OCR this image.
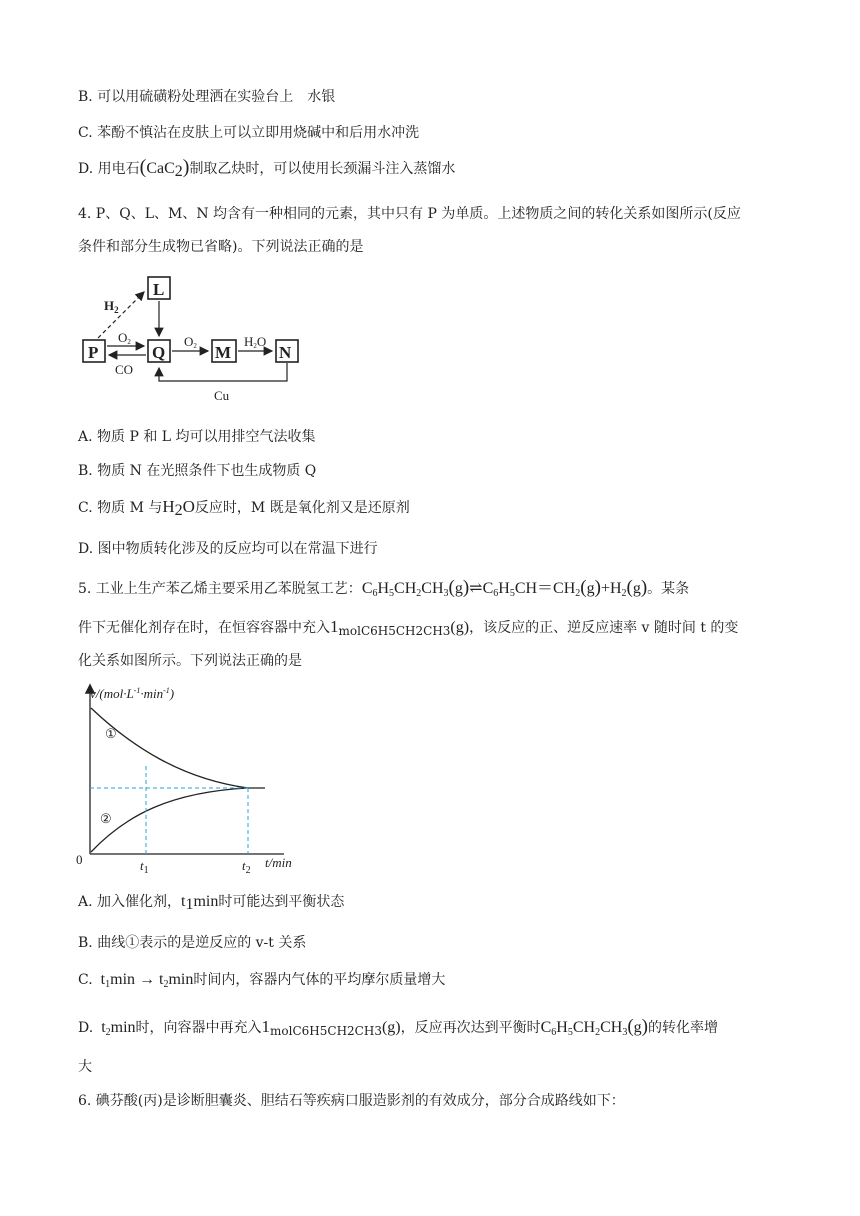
B. 可以用硫磺粉处理洒在实验台上　水银
C. 苯酚不慎沾在皮肤上可以立即用烧碱中和后用水冲洗
D. 用电石(CaC2)制取乙炔时，可以使用长颈漏斗注入蒸馏水
4. P、Q、L、M、N 均含有一种相同的元素，其中只有 P 为单质。上述物质之间的转化关系如图所示(反应
条件和部分生成物已省略)。下列说法正确的是
P	Q
L
M	N
$H_2$
O2
CO
O2	H2O
Cu
A. 物质 P 和 L 均可以用排空气法收集
B. 物质 N 在光照条件下也生成物质 Q
C. 物质 M 与H2O反应时，M 既是氧化剂又是还原剂
D. 图中物质转化涉及的反应均可以在常温下进行
5. 工业上生产苯乙烯主要采用乙苯脱氢工艺：$C_6H_5CH_2CH_3(g)\rightleftharpoons C_6H_5CH=CH_2(g)+H_2(g)$。某条
件下无催化剂存在时，在恒容容器中充入1molC6H5CH2CH3(g)，该反应的正、逆反应速率 v 随时间 t 的变
化关系如图所示。下列说法正确的是
$v/(mol\cdot L^{-1}\cdot\min^{-1})$
①
②
0	$t_1$	$t_2$
t/min
A. 加入催化剂，t1min时可能达到平衡状态
B. 曲线①表示的是逆反应的 v-t 关系
C. $t_1\min \to t_2\min$时间内，容器内气体的平均摩尔质量增大
D. $t_2\min$时，向容器中再充入1molC6H5CH2CH3(g)，反应再次达到平衡时$C_6H_5CH_2CH_3(g)$的转化率增
大
6. 碘芬酸(丙)是诊断胆囊炎、胆结石等疾病口服造影剂的有效成分，部分合成路线如下：
